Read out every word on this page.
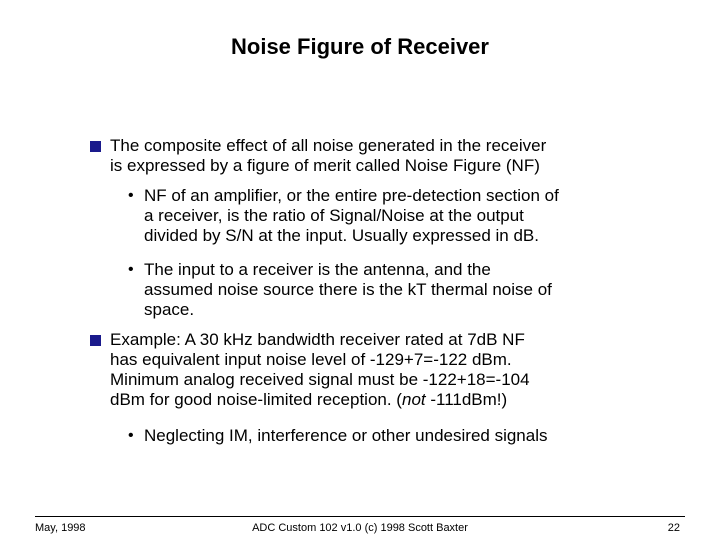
Noise Figure of Receiver
The composite effect of all noise generated in the receiver
is expressed by a figure of merit called Noise Figure (NF)
• NF of an amplifier, or the entire pre-detection section of
a receiver, is the ratio of Signal/Noise at the output
divided by S/N at the input. Usually expressed in dB.
• The input to a receiver is the antenna, and the
assumed noise source there is the kT thermal noise of
space.
Example: A 30 kHz bandwidth receiver rated at 7dB NF
has equivalent input noise level of -129+7=-122 dBm.
Minimum analog received signal must be -122+18=-104
dBm for good noise-limited reception. (not -111dBm!)
• Neglecting IM, interference or other undesired signals
May, 1998	ADC Custom 102 v1.0 (c) 1998 Scott Baxter	22
